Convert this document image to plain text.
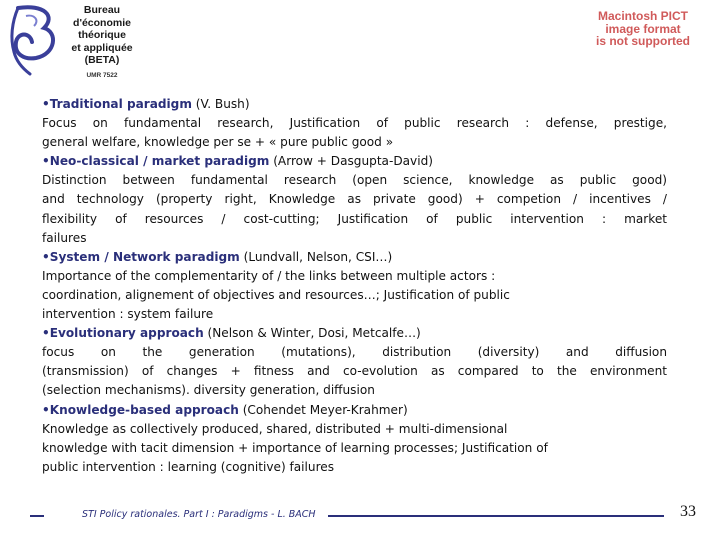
Bureau
d'économie
théorique
et appliquée
(BETA)
UMR 7522
Macintosh PICT
image format
is not supported

•Traditional paradigm (V. Bush)

Focus on fundamental research, Justification of public research : defense, prestige,

general welfare, knowledge per se + « pure public good »

•Neo-classical / market paradigm (Arrow + Dasgupta-David)

Distinction between fundamental research (open science, knowledge as public good)

and technology (property right, Knowledge as private good) + competion / incentives /

flexibility of resources / cost-cutting; Justification of public intervention : market

failures

•System / Network paradigm (Lundvall, Nelson, CSI…)

Importance of the complementarity of / the links between multiple actors :

coordination, alignement of objectives and resources…; Justification of public

intervention : system failure

•Evolutionary approach (Nelson & Winter, Dosi, Metcalfe…)

focus on the generation (mutations), distribution (diversity) and diffusion

(transmission) of changes + fitness and co-evolution as compared to the environment

(selection mechanisms). diversity generation, diffusion

•Knowledge-based approach (Cohendet Meyer-Krahmer)

Knowledge as collectively produced, shared, distributed + multi-dimensional

knowledge with tacit dimension + importance of learning processes; Justification of

public intervention : learning (cognitive) failures

STI Policy rationales. Part I : Paradigms - L. BACH	33
